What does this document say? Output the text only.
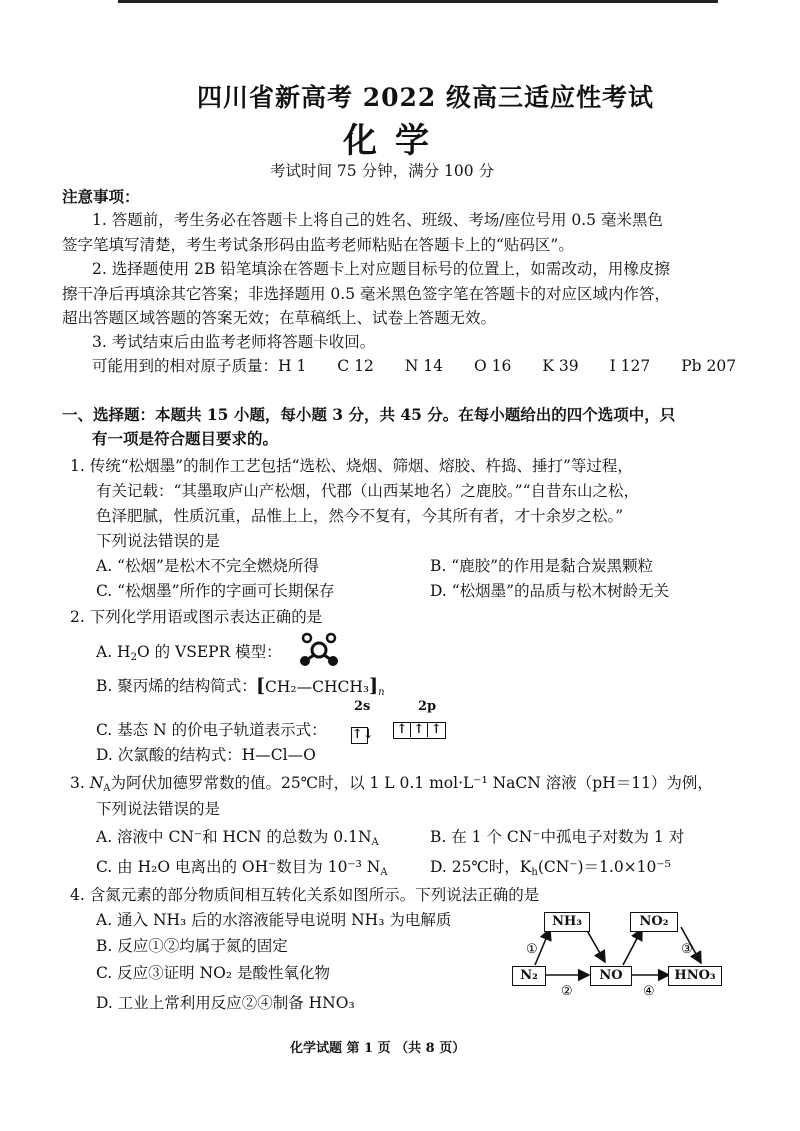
四川省新高考 2022 级高三适应性考试
化学
考试时间 75 分钟，满分 100 分
注意事项：
1. 答题前，考生务必在答题卡上将自己的姓名、班级、考场/座位号用 0.5 毫米黑色
签字笔填写清楚，考生考试条形码由监考老师粘贴在答题卡上的“贴码区”。
2. 选择题使用 2B 铅笔填涂在答题卡上对应题目标号的位置上，如需改动，用橡皮擦
擦干净后再填涂其它答案；非选择题用 0.5 毫米黑色签字笔在答题卡的对应区域内作答，
超出答题区域答题的答案无效；在草稿纸上、试卷上答题无效。
3. 考试结束后由监考老师将答题卡收回。
可能用到的相对原子质量：H 1　　C 12　　N 14　　O 16　　K 39　　I 127　　Pb 207
一、选择题：本题共 15 小题，每小题 3 分，共 45 分。在每小题给出的四个选项中，只
有一项是符合题目要求的。
1. 传统“松烟墨”的制作工艺包括“选松、烧烟、筛烟、熔胶、杵捣、捶打”等过程，
有关记载：“其墨取庐山产松烟，代郡（山西某地名）之鹿胶。”“自昔东山之松，
色泽肥腻，性质沉重，品惟上上，然今不复有，今其所有者，才十余岁之松。”
下列说法错误的是
A. “松烟”是松木不完全燃烧所得	B. “鹿胶”的作用是黏合炭黑颗粒
C. “松烟墨”所作的字画可长期保存	D. “松烟墨”的品质与松木树龄无关
2. 下列化学用语或图示表达正确的是
A. $H_2O$ 的 VSEPR 模型：
B. 聚丙烯的结构简式： $[CH_2—CHCH_3]_n$
2s	2p
C. 基态 N 的价电子轨道表示式： ↑↓ ↑ ↑ ↑
D. 次氯酸的结构式：H—Cl—O
3. $N_A$为阿伏加德罗常数的值。25℃时，以 1 L 0.1 mol·L⁻¹ NaCN 溶液（pH＝11）为例，
下列说法错误的是
A. 溶液中 CN⁻和 HCN 的总数为 $0.1N_A$	B. 在 1 个 CN⁻中孤电子对数为 1 对
C. 由 H₂O 电离出的 OH⁻数目为 10⁻³ $N_A$	D. 25℃时，$K_h(CN^-)=1.0\times 10^{-5}$
4. 含氮元素的部分物质间相互转化关系如图所示。下列说法正确的是
A. 通入 NH₃ 后的水溶液能导电说明 NH₃ 为电解质
B. 反应①②均属于氮的固定
C. 反应③证明 NO₂ 是酸性氧化物
D. 工业上常利用反应②④制备 HNO₃
①
②
③
④
NH₃	NO₂
N₂	NO	HNO₃
化学试题 第 1 页 （共 8 页）
